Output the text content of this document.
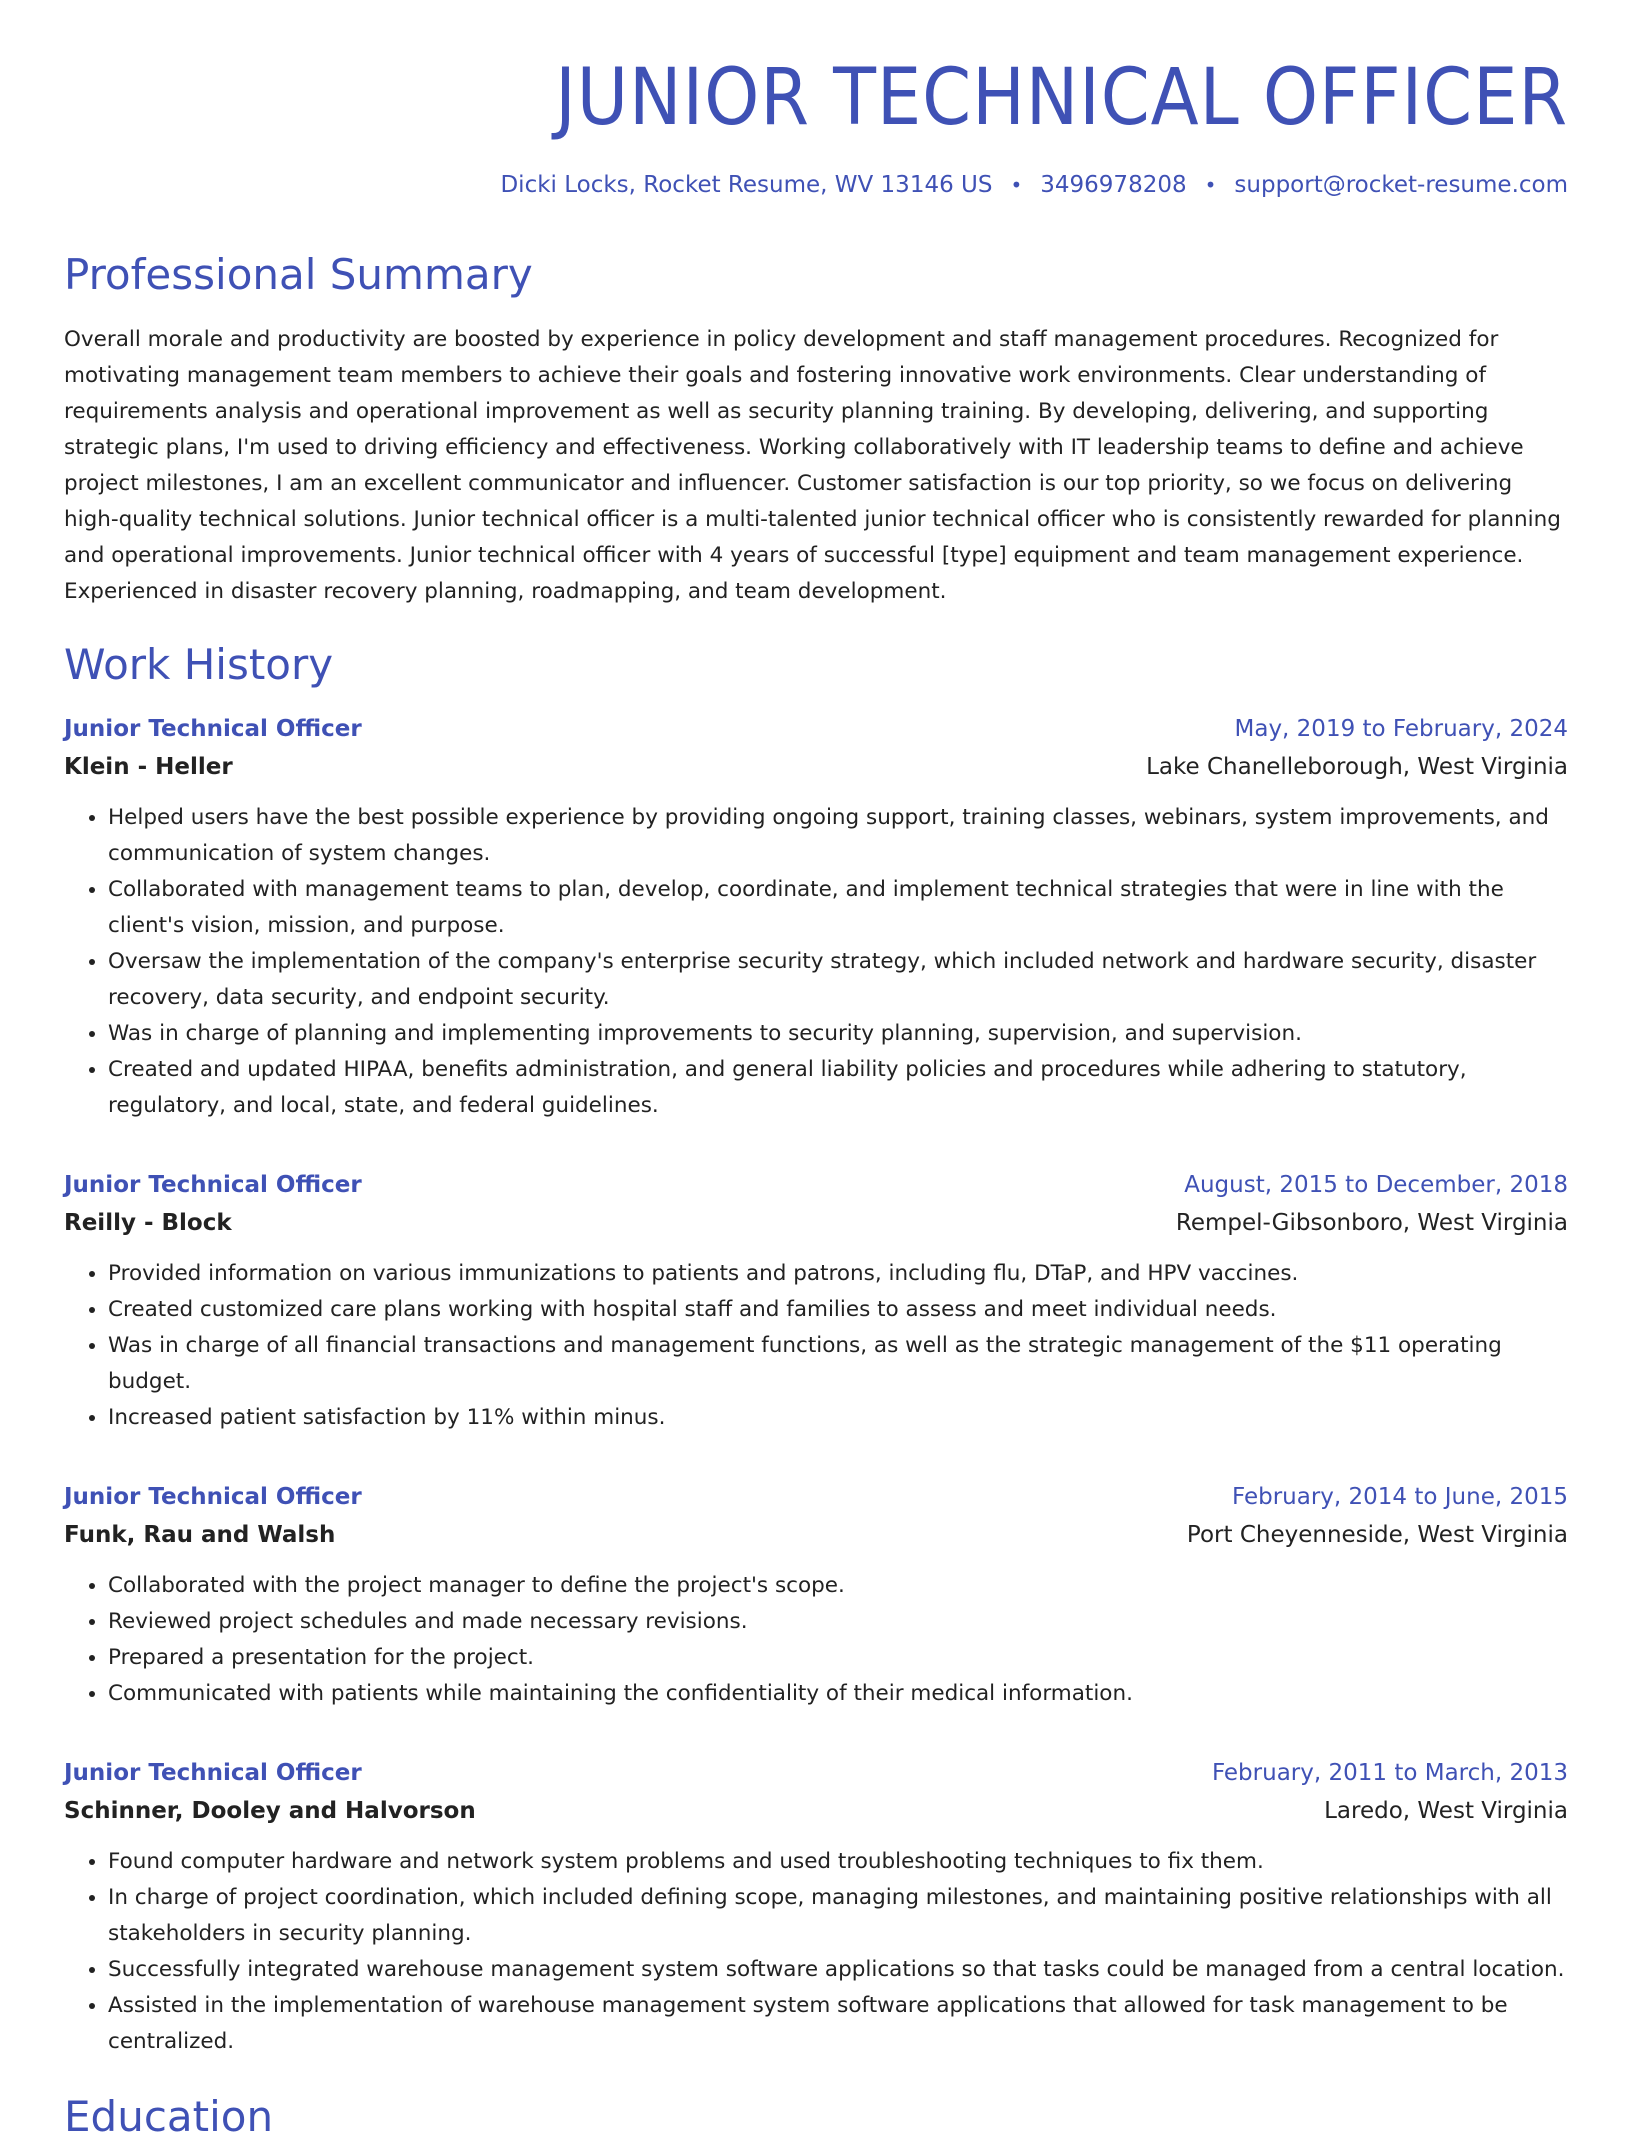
JUNIOR TECHNICAL OFFICER
Dicki Locks, Rocket Resume, WV 13146 US • 3496978208 • support@rocket-resume.com
Professional Summary
Overall morale and productivity are boosted by experience in policy development and staff management procedures. Recognized for motivating management team members to achieve their goals and fostering innovative work environments. Clear understanding of requirements analysis and operational improvement as well as security planning training. By developing, delivering, and supporting strategic plans, I'm used to driving efficiency and effectiveness. Working collaboratively with IT leadership teams to define and achieve project milestones, I am an excellent communicator and influencer. Customer satisfaction is our top priority, so we focus on delivering high-quality technical solutions. Junior technical officer is a multi-talented junior technical officer who is consistently rewarded for planning and operational improvements. Junior technical officer with 4 years of successful [type] equipment and team management experience. Experienced in disaster recovery planning, roadmapping, and team development.
Work History
Junior Technical Officer	May, 2019 to February, 2024
Klein - Heller	Lake Chanelleborough, West Virginia
• Helped users have the best possible experience by providing ongoing support, training classes, webinars, system improvements, and communication of system changes.
• Collaborated with management teams to plan, develop, coordinate, and implement technical strategies that were in line with the client's vision, mission, and purpose.
• Oversaw the implementation of the company's enterprise security strategy, which included network and hardware security, disaster recovery, data security, and endpoint security.
• Was in charge of planning and implementing improvements to security planning, supervision, and supervision.
• Created and updated HIPAA, benefits administration, and general liability policies and procedures while adhering to statutory, regulatory, and local, state, and federal guidelines.
Junior Technical Officer	August, 2015 to December, 2018
Reilly - Block	Rempel-Gibsonboro, West Virginia
• Provided information on various immunizations to patients and patrons, including flu, DTaP, and HPV vaccines.
• Created customized care plans working with hospital staff and families to assess and meet individual needs.
• Was in charge of all financial transactions and management functions, as well as the strategic management of the $11 operating budget.
• Increased patient satisfaction by 11% within minus.
Junior Technical Officer	February, 2014 to June, 2015
Funk, Rau and Walsh	Port Cheyenneside, West Virginia
• Collaborated with the project manager to define the project's scope.
• Reviewed project schedules and made necessary revisions.
• Prepared a presentation for the project.
• Communicated with patients while maintaining the confidentiality of their medical information.
Junior Technical Officer	February, 2011 to March, 2013
Schinner, Dooley and Halvorson	Laredo, West Virginia
• Found computer hardware and network system problems and used troubleshooting techniques to fix them.
• In charge of project coordination, which included defining scope, managing milestones, and maintaining positive relationships with all stakeholders in security planning.
• Successfully integrated warehouse management system software applications so that tasks could be managed from a central location.
• Assisted in the implementation of warehouse management system software applications that allowed for task management to be centralized.
Education
